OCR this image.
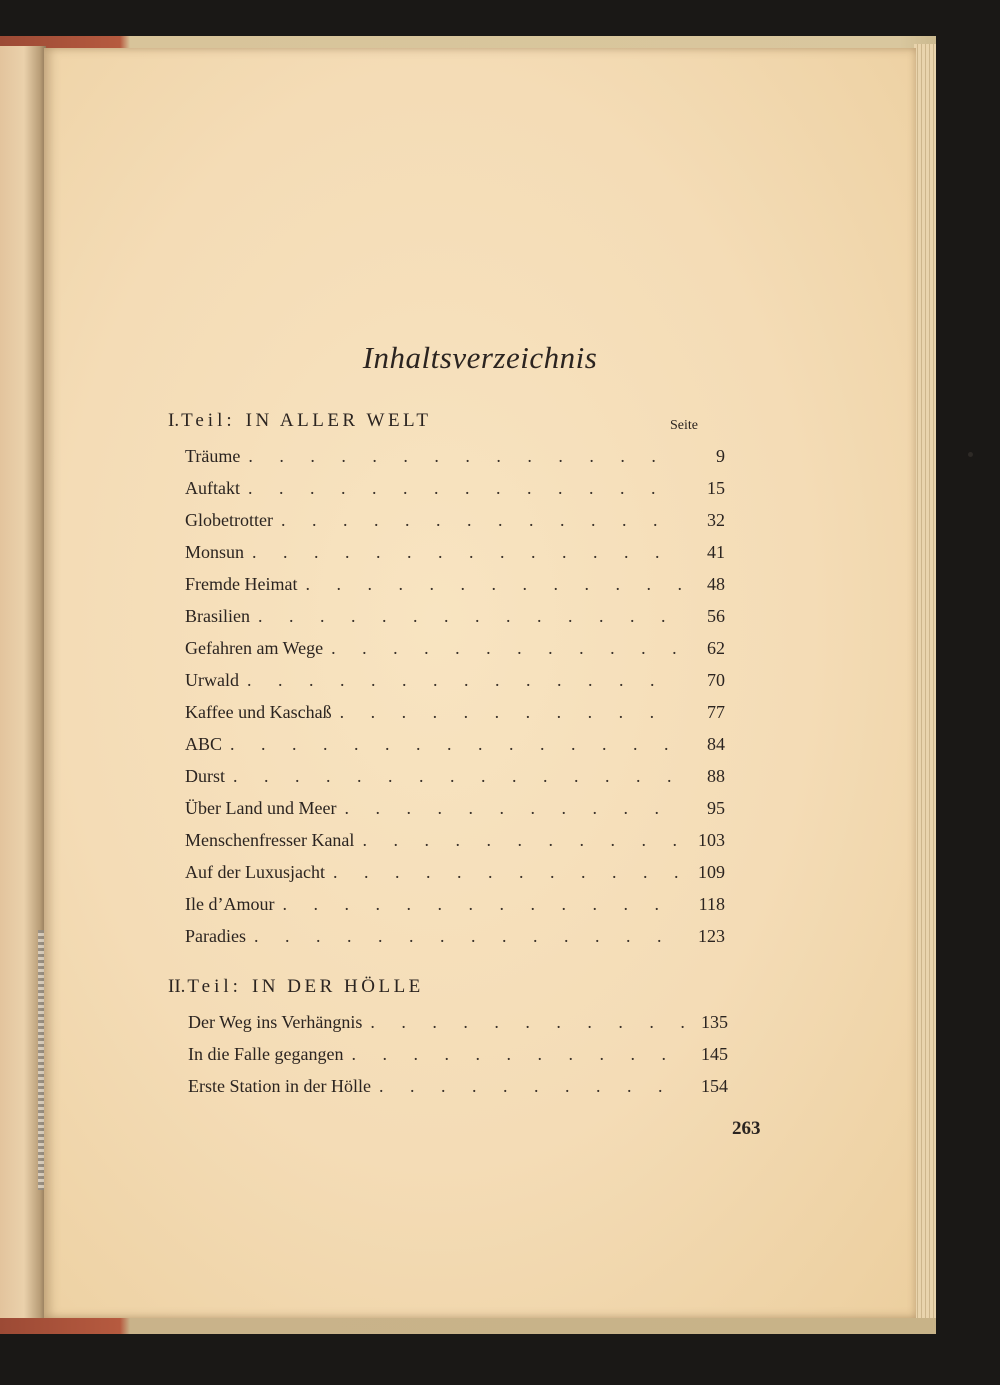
Inhaltsverzeichnis
I. Teil: IN ALLER WELT	Seite
Träume . . .	9
Auftakt . . .	15
Globetrotter . . .	32
Monsun . . .	41
Fremde Heimat . . .	48
Brasilien . . .	56
Gefahren am Wege . . .	62
Urwald . . .	70
Kaffee und Kaschaß . . .	77
ABC . . .	84
Durst . . .	88
Über Land und Meer . . .	95
Menschenfresser Kanal . . .	103
Auf der Luxusjacht . . .	109
Ile d’Amour . . .	118
Paradies . . .	123
II. Teil: IN DER HÖLLE
Der Weg ins Verhängnis . . .	135
In die Falle gegangen . . .	145
Erste Station in der Hölle . . .	154
263
